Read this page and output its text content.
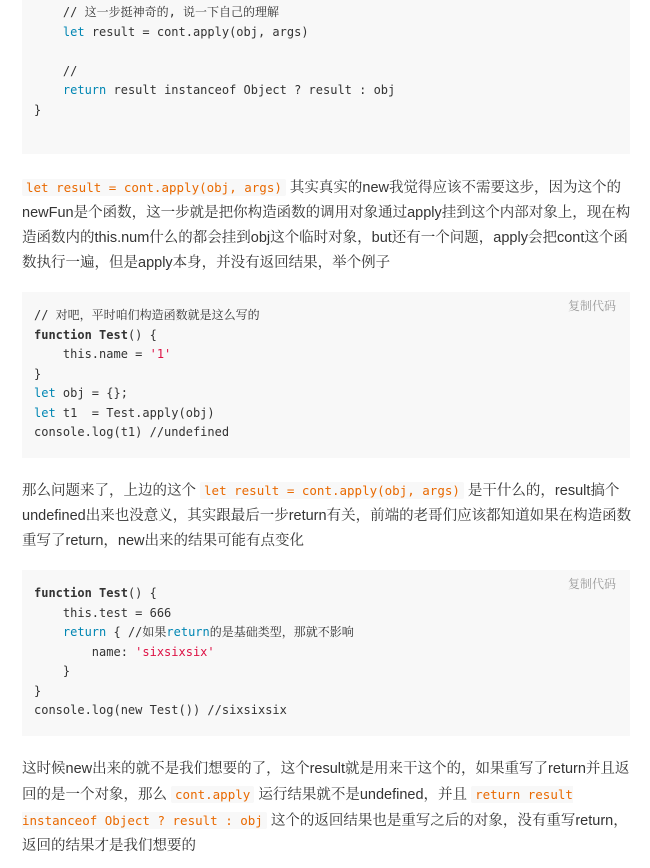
// 这一步挺神奇的, 说一下自己的理解
let result = cont.apply(obj, args)
//
return result instanceof Object ? result : obj
}
let result = cont.apply(obj, args) 其实真实的new我觉得应该不需要这步，因为这个的newFun是个函数，这一步就是把你构造函数的调用对象通过apply挂到这个内部对象上，现在构造函数内的this.num什么的都会挂到obj这个临时对象，but还有一个问题，apply会把cont这个函数执行一遍，但是apply本身，并没有返回结果，举个例子
复制代码
// 对吧，平时咱们构造函数就是这么写的
function Test() {
this.name = '1'
}
let obj = {};
let t1  = Test.apply(obj)
console.log(t1) //undefined
那么问题来了，上边的这个 let result = cont.apply(obj, args) 是干什么的，result搞个undefined出来也没意义，其实跟最后一步return有关，前端的老哥们应该都知道如果在构造函数重写了return，new出来的结果可能有点变化
复制代码
function Test() {
this.test = 666
return { //如果return的是基础类型，那就不影响
name: 'sixsixsix'
}
}
console.log(new Test()) //sixsixsix
这时候new出来的就不是我们想要的了，这个result就是用来干这个的，如果重写了return并且返回的是一个对象，那么 cont.apply 运行结果就不是undefined，并且 return result instanceof Object ? result : obj 这个的返回结果也是重写之后的对象，没有重写return，返回的结果才是我们想要的
